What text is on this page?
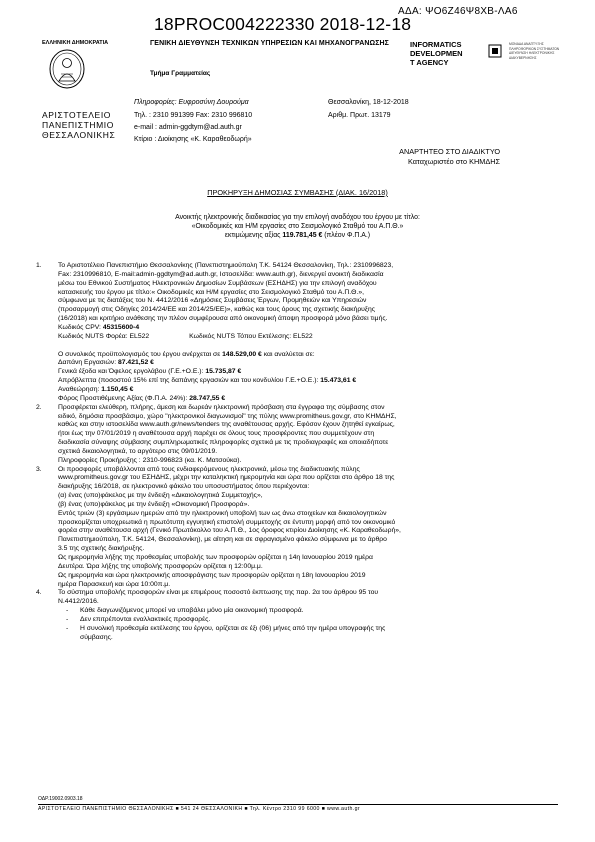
ΑΔΑ: ΨΟ6Ζ46Ψ8ΧΒ-ΛΑ6
18PROC004222330 2018-12-18
ΕΛΛΗΝΙΚΗ ΔΗΜΟΚΡΑΤΙΑ	ΓΕΝΙΚΗ ΔΙΕΥΘΥΝΣΗ ΤΕΧΝΙΚΩΝ ΥΠΗΡΕΣΙΩΝ ΚΑΙ ΜΗΧΑΝΟΓΡΑΝΩΣΗΣ
Τμήμα Γραμματείας
ΑΡΙΣΤΟΤΕΛΕΙΟ
ΠΑΝΕΠΙΣΤΗΜΙΟ
ΘΕΣΣΑΛΟΝΙΚΗΣ
INFORMATICS
DEVELOPMEN
T AGENCY
ΜΟΝΑΔΑ ΑΝΑΠΤΥΞΗΣ ΠΛΗΡΟΦΟΡΙΚΩΝ ΣΥΣΤΗΜΑΤΩΝ ΔΙΕΥΘΥΝΣΗ ΗΛΕΚΤΡΟΝΙΚΗΣ ΔΙΑΚΥΒΕΡΝΗΣΗΣ
Πληροφορίες: Ευφροσύνη Δουρούμα
Τηλ. : 2310 991399 Fax: 2310 996810
e-mail : admin-ggdtym@ad.auth.gr
Κτίριο : Διοίκησης «Κ. Καραθεοδωρή»
Θεσσαλονίκη, 18-12-2018
Αριθμ. Πρωτ. 13179
ΑΝΑΡΤΗΤΕΟ ΣΤΟ ΔΙΑΔΙΚΤΥΟ
Καταχωριστέο στο ΚΗΜΔΗΣ
ΠΡΟΚΗΡΥΞΗ ΔΗΜΟΣΙΑΣ ΣΥΜΒΑΣΗΣ (ΔΙΑΚ. 16/2018)
Ανοικτής ηλεκτρονικής διαδικασίας για την επιλογή αναδόχου του έργου με τίτλο:
«Οικοδομικές και Η/Μ εργασίες στο Σεισμολογικό Σταθμό του Α.Π.Θ.»
εκτιμώμενης αξίας 119.781,45 € (πλέον Φ.Π.Α.)
1.	Το Αριστοτέλειο Πανεπιστήμιο Θεσσαλονίκης (Πανεπιστημιούπολη Τ.Κ. 54124 Θεσσαλονίκη, Τηλ.: 2310996823,
Fax: 2310996810, E-mail:admin-ggdtym@ad.auth.gr, Ιστοσελίδα: www.auth.gr), διενεργεί ανοικτή διαδικασία
μέσω του Εθνικού Συστήματος Ηλεκτρονικών Δημοσίων Συμβάσεων (ΕΣΗΔΗΣ) για την επιλογή αναδόχου
κατασκευής του έργου με τίτλο:« Οικοδομικές και Η/Μ εργασίες στο Σεισμολογικό Σταθμό του Α.Π.Θ.»,
σύμφωνα με τις διατάξεις του Ν. 4412/2016 «Δημόσιες Συμβάσεις Έργων, Προμηθειών και Υπηρεσιών
(προσαρμογή στις Οδηγίες 2014/24/ΕΕ και 2014/25/ΕΕ)», καθώς και τους όρους της σχετικής διακήρυξης
(16/2018) και κριτήριο ανάθεσης την πλέον συμφέρουσα από οικονομική άποψη προσφορά μόνο βάσει τιμής.
Κωδικός CPV: 45315600-4
Κωδικός NUTS Φορέα: EL522	Κωδικός NUTS Τόπου Εκτέλεσης: EL522
Ο συνολικός προϋπολογισμός του έργου ανέρχεται σε 148.529,00 € και αναλύεται σε:
Δαπάνη Εργασιών: 87.421,52 €
Γενικά έξοδα και Όφελος εργολάβου (Γ.Ε.+Ο.Ε.): 15.735,87 €
Απρόβλεπτα (ποσοστού 15% επί της δαπάνης εργασιών και του κονδυλίου Γ.Ε.+Ο.Ε.): 15.473,61 €
Αναθεώρηση: 1.150,45 €
Φόρος Προστιθέμενης Αξίας (Φ.Π.Α. 24%): 28.747,55 €
2.	Προσφέρεται ελεύθερη, πλήρης, άμεση και δωρεάν ηλεκτρονική πρόσβαση στα έγγραφα της σύμβασης στον
ειδικό, δημόσια προσβάσιμο, χώρο "ηλεκτρονικοί διαγωνισμοί" της πύλης www.promitheus.gov.gr, στο ΚΗΜΔΗΣ,
καθώς και στην ιστοσελίδα www.auth.gr/news/tenders της αναθέτουσας αρχής. Εφόσον έχουν ζητηθεί εγκαίρως,
ήτοι έως την 07/01/2019 η αναθέτουσα αρχή παρέχει σε όλους τους προσφέροντες που συμμετέχουν στη
διαδικασία σύναψης σύμβασης συμπληρωματικές πληροφορίες σχετικά με τις προδιαγραφές και οποιαδήποτε
σχετικά δικαιολογητικά, το αργότερο στις 09/01/2019.
Πληροφορίες Προκήρυξης : 2310-996823 (κα. Κ. Ματσούκα).
3.	Οι προσφορές υποβάλλονται από τους ενδιαφερόμενους ηλεκτρονικά, μέσω της διαδικτυακής πύλης
www.promitheus.gov.gr του ΕΣΗΔΗΣ, μέχρι την καταληκτική ημερομηνία και ώρα που ορίζεται στο άρθρο 18 της
διακήρυξης 16/2018, σε ηλεκτρονικό φάκελο του υποσυστήματος όπου περιέχονται:
(α) ένας (υπο)φάκελος με την ένδειξη «Δικαιολογητικά Συμμετοχής»,
(β) ένας (υπο)φάκελος με την ένδειξη «Οικονομική Προσφορά».
Εντός τριών (3) εργάσιμων ημερών από την ηλεκτρονική υποβολή των ως άνω στοιχείων και δικαιολογητικών
προσκομίζεται υποχρεωτικά η πρωτότυπη εγγυητική επιστολή συμμετοχής σε έντυπη μορφή από τον οικονομικό
φορέα στην αναθέτουσα αρχή (Γενικό Πρωτόκολλο του Α.Π.Θ., 1ος όροφος κτιρίου Διοίκησης «Κ. Καραθεοδωρή»,
Πανεπιστημιούπολη, Τ.Κ. 54124, Θεσσαλονίκη), με αίτηση και σε σφραγισμένο φάκελο σύμφωνα με το άρθρο
3.5 της σχετικής διακήρυξης.
Ως ημερομηνία λήξης της προθεσμίας υποβολής των προσφορών ορίζεται η 14η Ιανουαρίου 2019 ημέρα
Δευτέρα. Ώρα λήξης της υποβολής προσφορών ορίζεται η 12:00μ.μ.
Ως ημερομηνία και ώρα ηλεκτρονικής αποσφράγισης των προσφορών ορίζεται η 18η Ιανουαρίου 2019
ημέρα Παρασκευή και ώρα 10:00π.μ.
4.	Το σύστημα υποβολής προσφορών είναι με επιμέρους ποσοστό έκπτωσης της παρ. 2α του άρθρου 95 του
Ν.4412/2016.
-	Κάθε διαγωνιζόμενος μπορεί να υποβάλει μόνο μία οικονομική προσφορά.
-	Δεν επιτρέπονται εναλλακτικές προσφορές.
-	Η συνολική προθεσμία εκτέλεσης του έργου, ορίζεται σε έξι (06) μήνες από την ημέρα υπογραφής της
σύμβασης.
ΟΔΡ.19002.0903.18
ΑΡΙΣΤΟΤΕΛΕΙΟ ΠΑΝΕΠΙΣΤΗΜΙΟ ΘΕΣΣΑΛΟΝΙΚΗΣ ■ 541 24 ΘΕΣΣΑΛΟΝΙΚΗ ■ Τηλ. Κέντρο 2310 99 6000 ■ www.auth.gr
